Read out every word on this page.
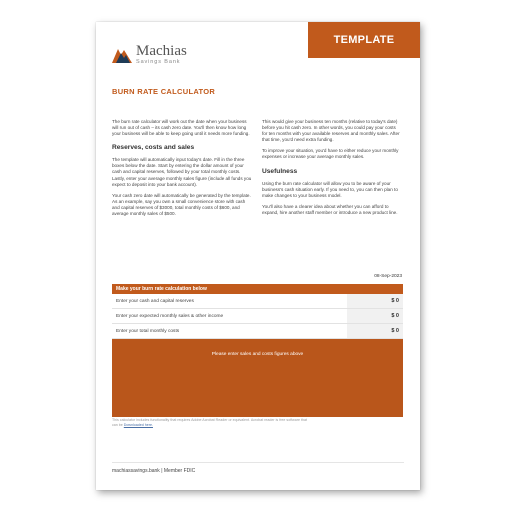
TEMPLATE
Machias
Savings Bank
BURN RATE CALCULATOR

The burn rate calculator will work out the date when your business will run out of cash – its cash zero date. You'll then know how long your business will be able to keep going until it needs more funding.

Reserves, costs and sales

The template will automatically input today's date. Fill in the three boxes below the date. Start by entering the dollar amount of your cash and capital reserves, followed by your total monthly costs. Lastly, enter your average monthly sales figure (include all funds you expect to deposit into your bank account).

Your cash zero date will automatically be generated by the template. As an example, say you own a small convenience store with cash and capital reserves of $3000, total monthly costs of $600, and average monthly sales of $500.

This would give your business ten months (relative to today's date) before you hit cash zero. In other words, you could pay your costs for ten months with your available reserves and monthly sales. After that time, you'd need extra funding.

To improve your situation, you'd have to either reduce your monthly expenses or increase your average monthly sales.

Usefulness

Using the burn rate calculator will allow you to be aware of your business's cash situation early. If you need to, you can then plan to make changes to your business model.

You'll also have a clearer idea about whether you can afford to expand, hire another staff member or introduce a new product line.

08-Sep-2023
Make your burn rate calculation below
Enter your cash and capital reserves	$ 0
Enter your expected monthly sales & other income	$ 0
Enter your total monthly costs	$ 0
Please enter sales and costs figures above
This calculator includes functionality that requires Adobe Acrobat Reader or equivalent. Acrobat reader is free software that can be Downloaded here.
machiassavings.bank | Member FDIC
